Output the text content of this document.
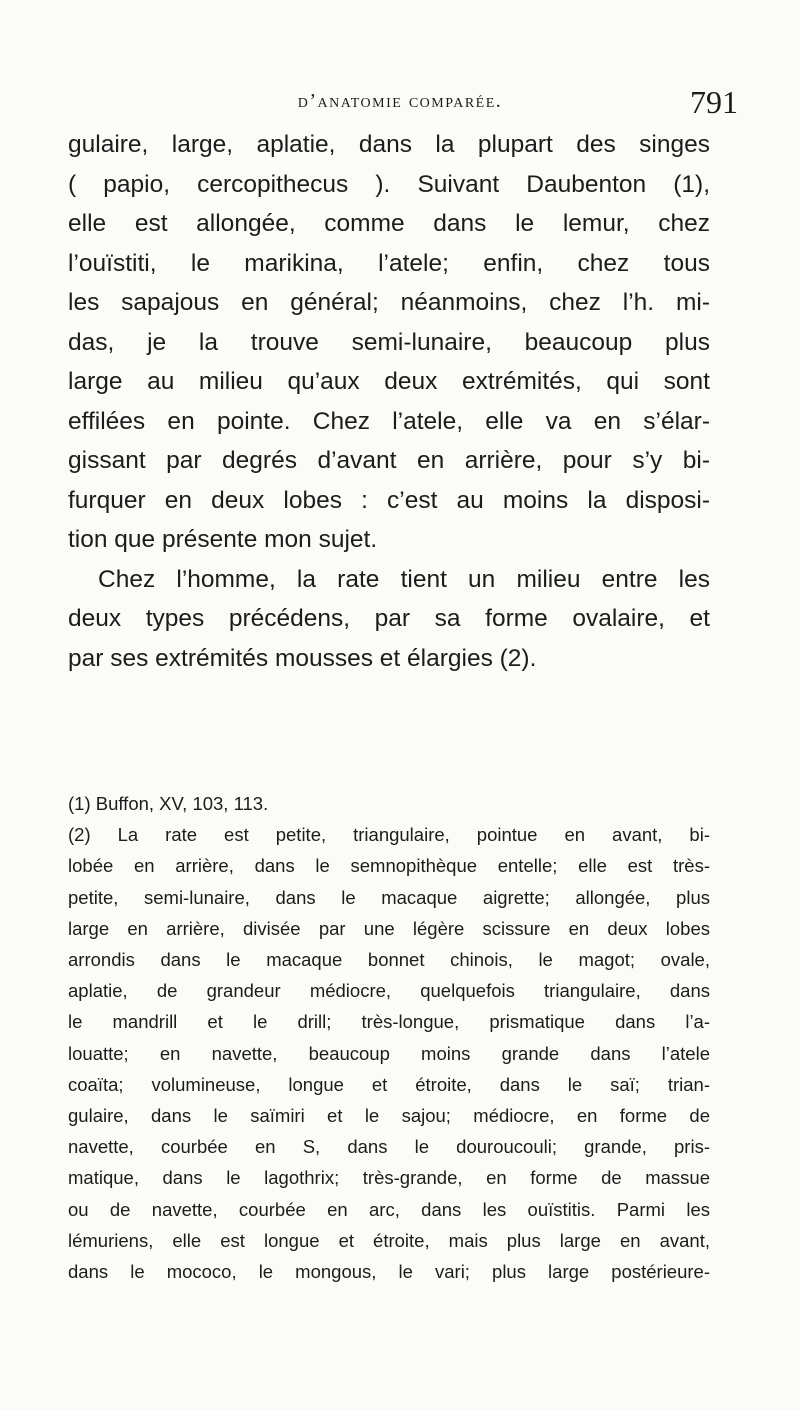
d’anatomie comparée.	791
gulaire, large, aplatie, dans la plupart des singes
( papio, cercopithecus ). Suivant Daubenton (1),
elle est allongée, comme dans le lemur, chez
l’ouïstiti, le marikina, l’atele; enfin, chez tous
les sapajous en général; néanmoins, chez l’h. mi-
das, je la trouve semi-lunaire, beaucoup plus
large au milieu qu’aux deux extrémités, qui sont
effilées en pointe. Chez l’atele, elle va en s’élar-
gissant par degrés d’avant en arrière, pour s’y bi-
furquer en deux lobes : c’est au moins la disposi-
tion que présente mon sujet.
Chez l’homme, la rate tient un milieu entre les
deux types précédens, par sa forme ovalaire, et
par ses extrémités mousses et élargies (2).
(1) Buffon, XV, 103, 113.
(2) La rate est petite, triangulaire, pointue en avant, bi-
lobée en arrière, dans le semnopithèque entelle; elle est très-
petite, semi-lunaire, dans le macaque aigrette; allongée, plus
large en arrière, divisée par une légère scissure en deux lobes
arrondis dans le macaque bonnet chinois, le magot; ovale,
aplatie, de grandeur médiocre, quelquefois triangulaire, dans
le mandrill et le drill; très-longue, prismatique dans l’a-
louatte; en navette, beaucoup moins grande dans l’atele
coaïta; volumineuse, longue et étroite, dans le saï; trian-
gulaire, dans le saïmiri et le sajou; médiocre, en forme de
navette, courbée en S, dans le douroucouli; grande, pris-
matique, dans le lagothrix; très-grande, en forme de massue
ou de navette, courbée en arc, dans les ouïstitis. Parmi les
lémuriens, elle est longue et étroite, mais plus large en avant,
dans le mococo, le mongous, le vari; plus large postérieure-
